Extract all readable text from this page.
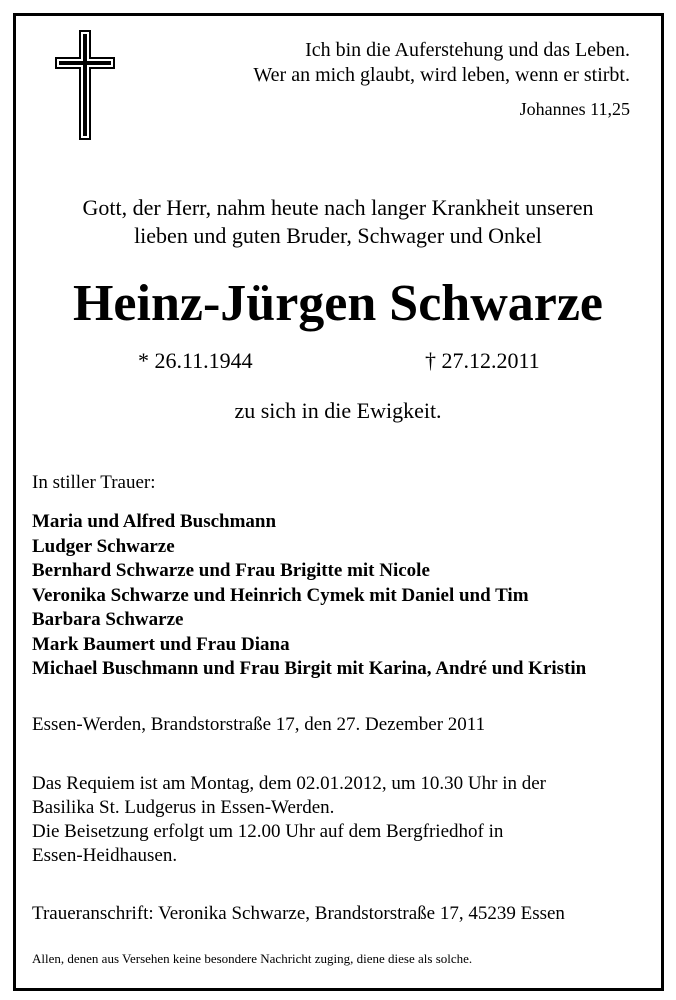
Ich bin die Auferstehung und das Leben.
Wer an mich glaubt, wird leben, wenn er stirbt.
Johannes 11,25
Gott, der Herr, nahm heute nach langer Krankheit unseren
lieben und guten Bruder, Schwager und Onkel
Heinz-Jürgen Schwarze
* 26.11.1944	† 27.12.2011
zu sich in die Ewigkeit.
In stiller Trauer:
Maria und Alfred Buschmann
Ludger Schwarze
Bernhard Schwarze und Frau Brigitte mit Nicole
Veronika Schwarze und Heinrich Cymek mit Daniel und Tim
Barbara Schwarze
Mark Baumert und Frau Diana
Michael Buschmann und Frau Birgit mit Karina, André und Kristin
Essen-Werden, Brandstorstraße 17, den 27. Dezember 2011
Das Requiem ist am Montag, dem 02.01.2012, um 10.30 Uhr in der
Basilika St. Ludgerus in Essen-Werden.
Die Beisetzung erfolgt um 12.00 Uhr auf dem Bergfriedhof in
Essen-Heidhausen.
Traueranschrift: Veronika Schwarze, Brandstorstraße 17, 45239 Essen
Allen, denen aus Versehen keine besondere Nachricht zuging, diene diese als solche.
